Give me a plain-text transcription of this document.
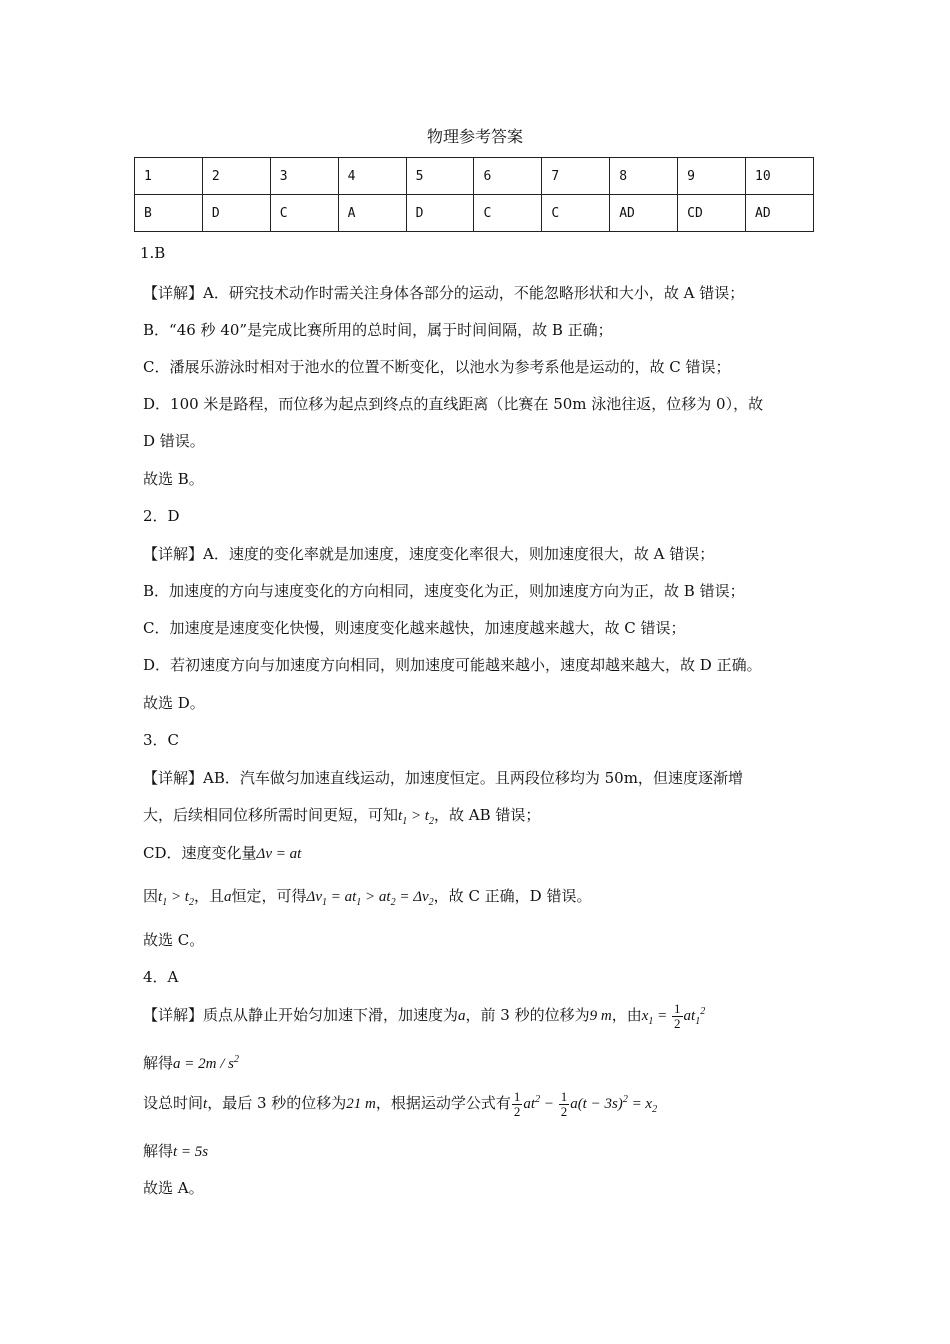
物理参考答案
1	2	3	4	5	6	7	8	9	10
B	D	C	A	D	C	C	AD	CD	AD
1.B
【详解】A．研究技术动作时需关注身体各部分的运动，不能忽略形状和大小，故 A 错误；
B．“46 秒 40”是完成比赛所用的总时间，属于时间间隔，故 B 正确；
C．潘展乐游泳时相对于池水的位置不断变化，以池水为参考系他是运动的，故 C 错误；
D．100 米是路程，而位移为起点到终点的直线距离（比赛在 50m 泳池往返，位移为 0），故
D 错误。
故选 B。
2．D
【详解】A．速度的变化率就是加速度，速度变化率很大，则加速度很大，故 A 错误；
B．加速度的方向与速度变化的方向相同，速度变化为正，则加速度方向为正，故 B 错误；
C．加速度是速度变化快慢，则速度变化越来越快，加速度越来越大，故 C 错误；
D．若初速度方向与加速度方向相同，则加速度可能越来越小，速度却越来越大，故 D 正确。
故选 D。
3．C
【详解】AB．汽车做匀加速直线运动，加速度恒定。且两段位移均为 50m，但速度逐渐增
大，后续相同位移所需时间更短，可知$t_1 > t_2$，故 AB 错误；
CD．速度变化量Δv = at
因$t_1 > t_2$，且a恒定，可得$\Delta v_1 = at_1 > at_2 = \Delta v_2$，故 C 正确，D 错误。
故选 C。
4．A
【详解】质点从静止开始匀加速下滑，加速度为a，前 3 秒的位移为9 m，由$x_1 = \frac{1}{2} at_1^2$
解得$a = 2m / s^2$
设总时间t，最后 3 秒的位移为21 m，根据运动学公式有 $\frac{1}{2} at^2 - \frac{1}{2} a(t - 3s)^2 = x_2$
解得t = 5s
故选 A。
